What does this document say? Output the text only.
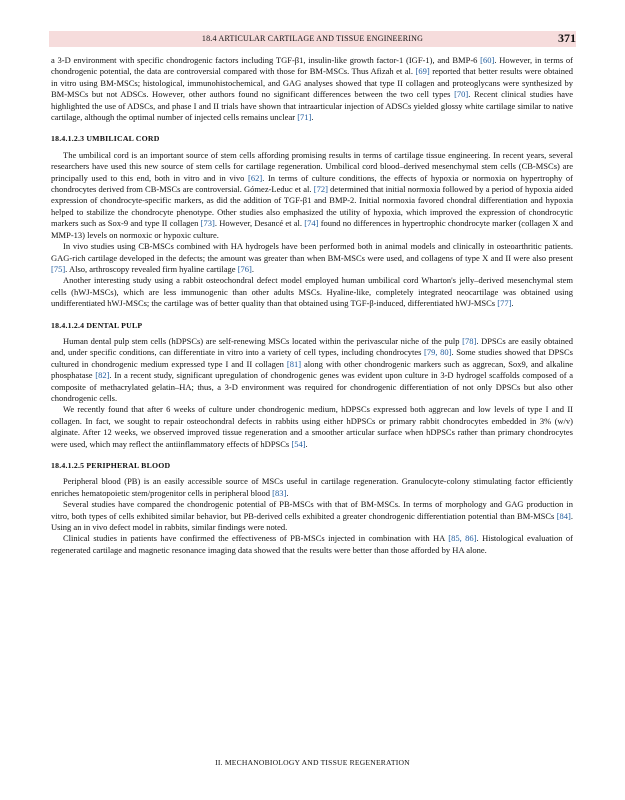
18.4 ARTICULAR CARTILAGE AND TISSUE ENGINEERING	371

a 3-D environment with specific chondrogenic factors including TGF-β1, insulin-like growth factor-1 (IGF-1), and BMP-6 [60]. However, in terms of chondrogenic potential, the data are controversial compared with those for BM-MSCs. Thus Afizah et al. [69] reported that better results were obtained in vitro using BM-MSCs; histological, immunohistochemical, and GAG analyses showed that type II collagen and proteoglycans were synthesized by BM-MSCs but not ADSCs. However, other authors found no significant differences between the two cell types [70]. Recent clinical studies have highlighted the use of ADSCs, and phase I and II trials have shown that intraarticular injection of ADSCs yielded glossy white cartilage similar to native cartilage, although the optimal number of injected cells remains unclear [71].

18.4.1.2.3 UMBILICAL CORD

The umbilical cord is an important source of stem cells affording promising results in terms of cartilage tissue engineering. In recent years, several researchers have used this new source of stem cells for cartilage regeneration. Umbilical cord blood–derived mesenchymal stem cells (CB-MSCs) are principally used to this end, both in vitro and in vivo [62]. In terms of culture conditions, the effects of hypoxia or normoxia on hypertrophy of chondrocytes derived from CB-MSCs are controversial. Gómez-Leduc et al. [72] determined that initial normoxia followed by a period of hypoxia aided expression of chondrocyte-specific markers, as did the addition of TGF-β1 and BMP-2. Initial normoxia favored chondral differentiation and hypoxia helped to stabilize the chondrocyte phenotype. Other studies also emphasized the utility of hypoxia, which improved the expression of chondrocytic markers such as Sox-9 and type II collagen [73]. However, Desancé et al. [74] found no differences in hypertrophic chondrocyte marker (collagen X and MMP-13) levels on normoxic or hypoxic culture.

In vivo studies using CB-MSCs combined with HA hydrogels have been performed both in animal models and clinically in osteoarthritic patients. GAG-rich cartilage developed in the defects; the amount was greater than when BM-MSCs were used, and collagens of type X and II were also present [75]. Also, arthroscopy revealed firm hyaline cartilage [76].

Another interesting study using a rabbit osteochondral defect model employed human umbilical cord Wharton's jelly–derived mesenchymal stem cells (hWJ-MSCs), which are less immunogenic than other adults MSCs. Hyaline-like, completely integrated neocartilage was obtained using undifferentiated hWJ-MSCs; the cartilage was of better quality than that obtained using TGF-β-induced, differentiated hWJ-MSCs [77].

18.4.1.2.4 DENTAL PULP

Human dental pulp stem cells (hDPSCs) are self-renewing MSCs located within the perivascular niche of the pulp [78]. DPSCs are easily obtained and, under specific conditions, can differentiate in vitro into a variety of cell types, including chondrocytes [79, 80]. Some studies showed that DPSCs cultured in chondrogenic medium expressed type I and II collagen [81] along with other chondrogenic markers such as aggrecan, Sox9, and alkaline phosphatase [82]. In a recent study, significant upregulation of chondrogenic genes was evident upon culture in 3-D hydrogel scaffolds composed of a composite of methacrylated gelatin–HA; thus, a 3-D environment was required for chondrogenic differentiation of not only DPSCs but also other chondrogenic cells.

We recently found that after 6 weeks of culture under chondrogenic medium, hDPSCs expressed both aggrecan and low levels of type I and II collagen. In fact, we sought to repair osteochondral defects in rabbits using either hDPSCs or primary rabbit chondrocytes embedded in 3% (w/v) alginate. After 12 weeks, we observed improved tissue regeneration and a smoother articular surface when hDPSCs rather than primary chondrocytes were used, which may reflect the antiinflammatory effects of hDPSCs [54].

18.4.1.2.5 PERIPHERAL BLOOD

Peripheral blood (PB) is an easily accessible source of MSCs useful in cartilage regeneration. Granulocyte-colony stimulating factor efficiently enriches hematopoietic stem/progenitor cells in peripheral blood [83].

Several studies have compared the chondrogenic potential of PB-MSCs with that of BM-MSCs. In terms of morphology and GAG production in vitro, both types of cells exhibited similar behavior, but PB-derived cells exhibited a greater chondrogenic differentiation potential than BM-MSCs [84]. Using an in vivo defect model in rabbits, similar findings were noted.

Clinical studies in patients have confirmed the effectiveness of PB-MSCs injected in combination with HA [85, 86]. Histological evaluation of regenerated cartilage and magnetic resonance imaging data showed that the results were better than those afforded by HA alone.

II. MECHANOBIOLOGY AND TISSUE REGENERATION
